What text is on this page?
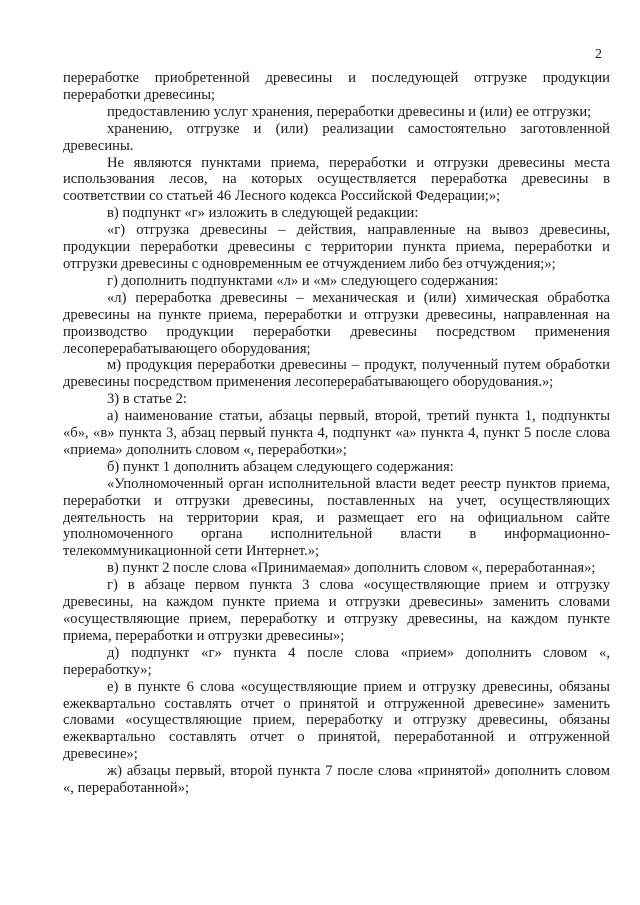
2

переработке приобретенной древесины и последующей отгрузке продукции переработки древесины;

предоставлению услуг хранения, переработки древесины и (или) ее отгрузки;

хранению, отгрузке и (или) реализации самостоятельно заготовленной древесины.

Не являются пунктами приема, переработки и отгрузки древесины места использования лесов, на которых осуществляется переработка древесины в соответствии со статьей 46 Лесного кодекса Российской Федерации;»;

в) подпункт «г» изложить в следующей редакции:

«г) отгрузка древесины – действия, направленные на вывоз древесины, продукции переработки древесины с территории пункта приема, переработки и отгрузки древесины с одновременным ее отчуждением либо без отчуждения;»;

г) дополнить подпунктами «л» и «м» следующего содержания:

«л) переработка древесины – механическая и (или) химическая обработка древесины на пункте приема, переработки и отгрузки древесины, направленная на производство продукции переработки древесины посредством применения лесоперерабатывающего оборудования;

м) продукция переработки древесины – продукт, полученный путем обработки древесины посредством применения лесоперерабатывающего оборудования.»;

3) в статье 2:

а) наименование статьи, абзацы первый, второй, третий пункта 1, подпункты «б», «в» пункта 3, абзац первый пункта 4, подпункт «а» пункта 4, пункт 5 после слова «приема» дополнить словом «, переработки»;

б) пункт 1 дополнить абзацем следующего содержания:

«Уполномоченный орган исполнительной власти ведет реестр пунктов приема, переработки и отгрузки древесины, поставленных на учет, осуществляющих деятельность на территории края, и размещает его на официальном сайте уполномоченного органа исполнительной власти в информационно-телекоммуникационной сети Интернет.»;

в) пункт 2 после слова «Принимаемая» дополнить словом «, переработанная»;

г) в абзаце первом пункта 3 слова «осуществляющие прием и отгрузку древесины, на каждом пункте приема и отгрузки древесины» заменить словами «осуществляющие прием, переработку и отгрузку древесины, на каждом пункте приема, переработки и отгрузки древесины»;

д) подпункт «г» пункта 4 после слова «прием» дополнить словом «, переработку»;

е) в пункте 6 слова «осуществляющие прием и отгрузку древесины, обязаны ежеквартально составлять отчет о принятой и отгруженной древесине» заменить словами «осуществляющие прием, переработку и отгрузку древесины, обязаны ежеквартально составлять отчет о принятой, переработанной и отгруженной древесине»;

ж) абзацы первый, второй пункта 7 после слова «принятой» дополнить словом «, переработанной»;
